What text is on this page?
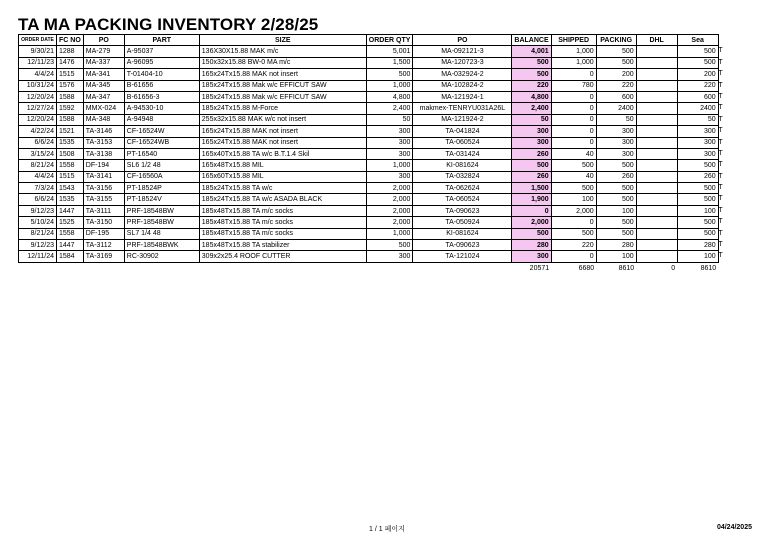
TA MA PACKING INVENTORY 2/28/25
ORDER DATE	FC NO	PO	PART	SIZE	ORDER QTY	PO	BALANCE	SHIPPED	PACKING	DHL	Sea
9/30/21	1288	MA-279	A-95037	136X30X15.88 MAK m/c	5,001	MA-092121-3	4,001	1,000	500		500 T

12/11/23	1476	MA-337	A-96095	150x32x15.88 BW-0 MA m/c	1,500	MA-120723-3	500	1,000	500		500 T

4/4/24	1515	MA-341	T-01404-10	165x24Tx15.88 MAK not insert	500	MA-032924-2	500	0	200		200 T

10/31/24	1576	MA-345	B-61656	185x24Tx15.88 Mak w/c EFFICUT SAW	1,000	MA-102824-2	220	780	220		220 T

12/20/24	1588	MA-347	B-61656-3	185x24Tx15.88 Mak w/c EFFICUT SAW	4,800	MA-121924-1	4,800	0	600		600 T

12/27/24	1592	MMX-024	A-94530-10	185x24Tx15.88 M-Force	2,400	makmex-TENRYU031A26L	2,400	0	2400		2400 T

12/20/24	1588	MA-348	A-94948	255x32x15.88 MAK w/c not insert	50	MA-121924-2	50	0	50		50 T

4/22/24	1521	TA-3146	CF-16524W	165x24Tx15.88 MAK not insert	300	TA-041824	300	0	300		300 T

6/6/24	1535	TA-3153	CF-16524WB	165x24Tx15.88 MAK not insert	300	TA-060524	300	0	300		300 T

3/15/24	1508	TA-3138	PT-16540	165x40Tx15.88 TA w/c B.T.1.4 Skil	300	TA-031424	260	40	300		300 T

8/21/24	1558	DF-194	SL6 1/2 48	165x48Tx15.88 MIL	1,000	KI-081624	500	500	500		500 T

4/4/24	1515	TA-3141	CF-16560A	165x60Tx15.88 MIL	300	TA-032824	260	40	260		260 T

7/3/24	1543	TA-3156	PT-18524P	185x24Tx15.88 TA w/c	2,000	TA-062624	1,500	500	500		500 T

6/6/24	1535	TA-3155	PT-18524V	185x24Tx15.88 TA w/c ASADA BLACK	2,000	TA-060524	1,900	100	500		500 T

9/12/23	1447	TA-3111	PRF-18548BW	185x48Tx15.88 TA m/c socks	2,000	TA-090623	0	2,000	100		100 T

5/10/24	1525	TA-3150	PRF-18548BW	185x48Tx15.88 TA m/c socks	2,000	TA-050924	2,000	0	500		500 T

8/21/24	1558	DF-195	SL7 1/4 48	185x48Tx15.88 TA m/c socks	1,000	KI-081624	500	500	500		500 T

9/12/23	1447	TA-3112	PRF-18548BWK	185x48Tx15.88 TA stabilizer	500	TA-090623	280	220	280		280 T

12/11/24	1584	TA-3169	RC-30902	309x2x25.4 ROOF CUTTER	300	TA-121024	300	0	100		100 T

							20571	6680	8610	0	8610
1 / 1 페이지	04/24/2025
